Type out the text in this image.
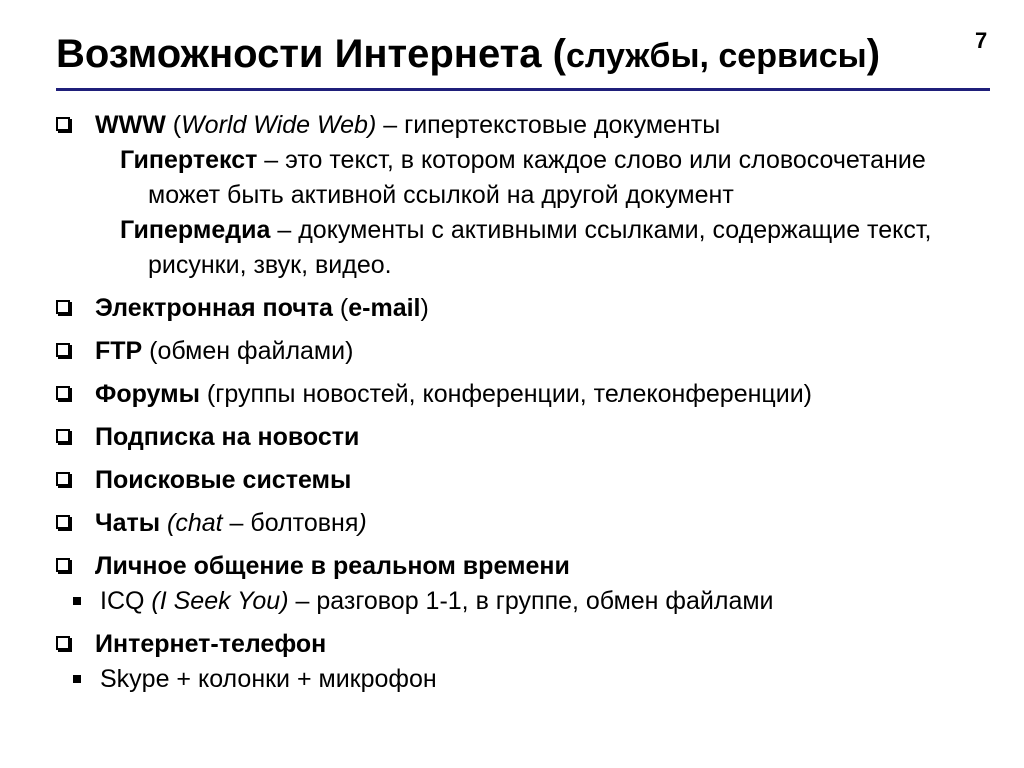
Возможности Интернета (службы, сервисы)	7
WWW (World Wide Web) – гипертекстовые документы
Гипертекст – это текст, в котором каждое слово или словосочетание может быть активной ссылкой на другой документ
Гипермедиа – документы с активными ссылками, содержащие текст, рисунки, звук, видео.
Электронная почта (e-mail)
FTP (обмен файлами)
Форумы (группы новостей, конференции, телеконференции)
Подписка на новости
Поисковые системы
Чаты (chat – болтовня)
Личное общение в реальном времени
ICQ (I Seek You) – разговор 1-1, в группе, обмен файлами
Интернет-телефон
Skype + колонки + микрофон
